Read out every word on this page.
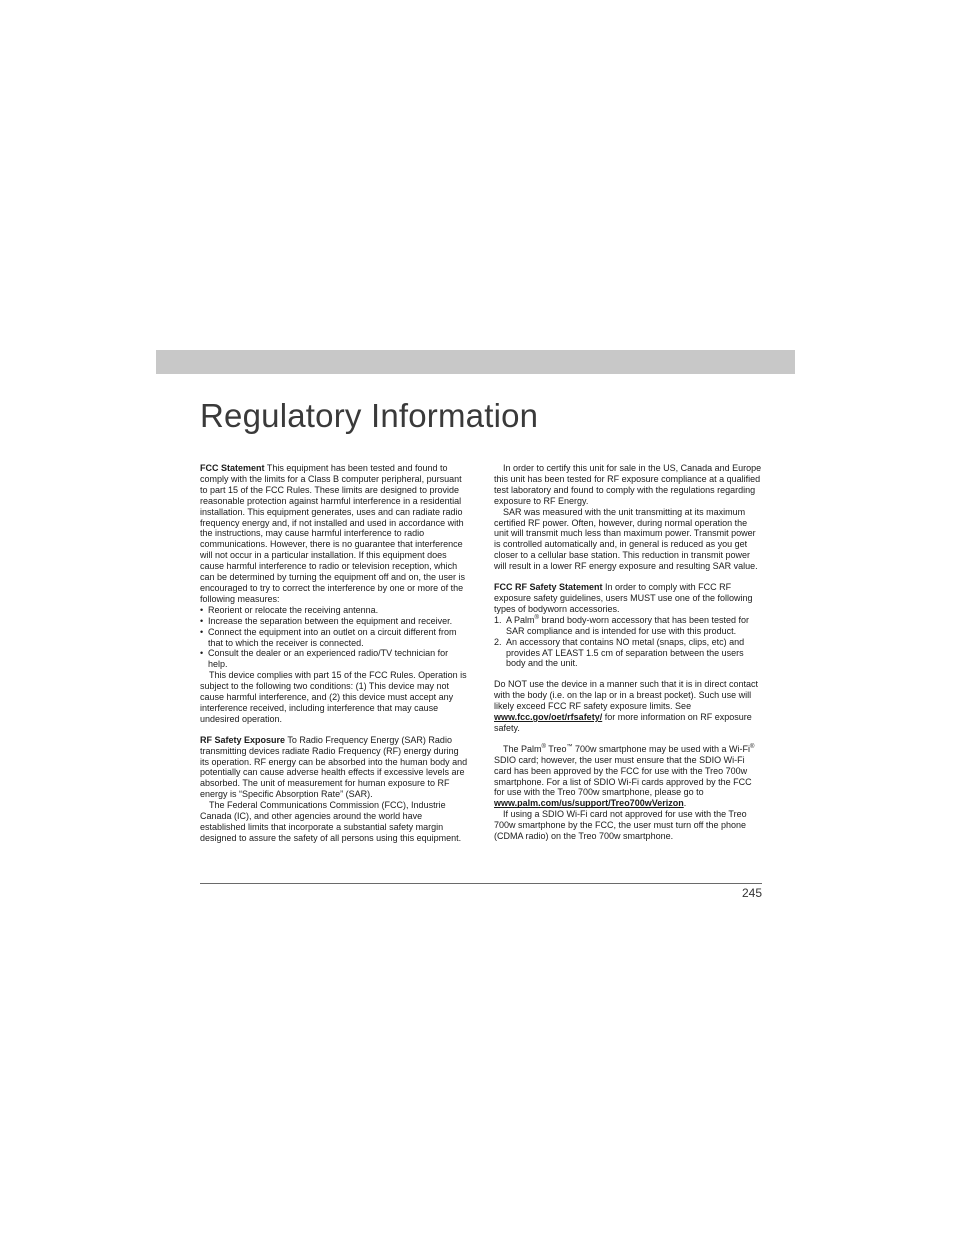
Regulatory Information

FCC Statement This equipment has been tested and found to comply with the limits for a Class B computer peripheral, pursuant to part 15 of the FCC Rules. These limits are designed to provide reasonable protection against harmful interference in a residential installation. This equipment generates, uses and can radiate radio frequency energy and, if not installed and used in accordance with the instructions, may cause harmful interference to radio communications. However, there is no guarantee that interference will not occur in a particular installation. If this equipment does cause harmful interference to radio or television reception, which can be determined by turning the equipment off and on, the user is encouraged to try to correct the interference by one or more of the following measures:

• Reorient or relocate the receiving antenna.
• Increase the separation between the equipment and receiver.
• Connect the equipment into an outlet on a circuit different from that to which the receiver is connected.
• Consult the dealer or an experienced radio/TV technician for help.

This device complies with part 15 of the FCC Rules. Operation is subject to the following two conditions: (1) This device may not cause harmful interference, and (2) this device must accept any interference received, including interference that may cause undesired operation.

RF Safety Exposure To Radio Frequency Energy (SAR) Radio transmitting devices radiate Radio Frequency (RF) energy during its operation. RF energy can be absorbed into the human body and potentially can cause adverse health effects if excessive levels are absorbed. The unit of measurement for human exposure to RF energy is “Specific Absorption Rate” (SAR).

The Federal Communications Commission (FCC), Industrie Canada (IC), and other agencies around the world have established limits that incorporate a substantial safety margin designed to assure the safety of all persons using this equipment.

In order to certify this unit for sale in the US, Canada and Europe this unit has been tested for RF exposure compliance at a qualified test laboratory and found to comply with the regulations regarding exposure to RF Energy.

SAR was measured with the unit transmitting at its maximum certified RF power. Often, however, during normal operation the unit will transmit much less than maximum power. Transmit power is controlled automatically and, in general is reduced as you get closer to a cellular base station. This reduction in transmit power will result in a lower RF energy exposure and resulting SAR value.

FCC RF Safety Statement In order to comply with FCC RF exposure safety guidelines, users MUST use one of the following types of bodyworn accessories.

1. A Palm® brand body-worn accessory that has been tested for SAR compliance and is intended for use with this product.
2. An accessory that contains NO metal (snaps, clips, etc) and provides AT LEAST 1.5 cm of separation between the users body and the unit.

Do NOT use the device in a manner such that it is in direct contact with the body (i.e. on the lap or in a breast pocket). Such use will likely exceed FCC RF safety exposure limits. See www.fcc.gov/oet/rfsafety/ for more information on RF exposure safety.

The Palm® Treo™ 700w smartphone may be used with a Wi-Fi® SDIO card; however, the user must ensure that the SDIO Wi-Fi card has been approved by the FCC for use with the Treo 700w smartphone. For a list of SDIO Wi-Fi cards approved by the FCC for use with the Treo 700w smartphone, please go to www.palm.com/us/support/Treo700wVerizon.

If using a SDIO Wi-Fi card not approved for use with the Treo 700w smartphone by the FCC, the user must turn off the phone (CDMA radio) on the Treo 700w smartphone.

245
